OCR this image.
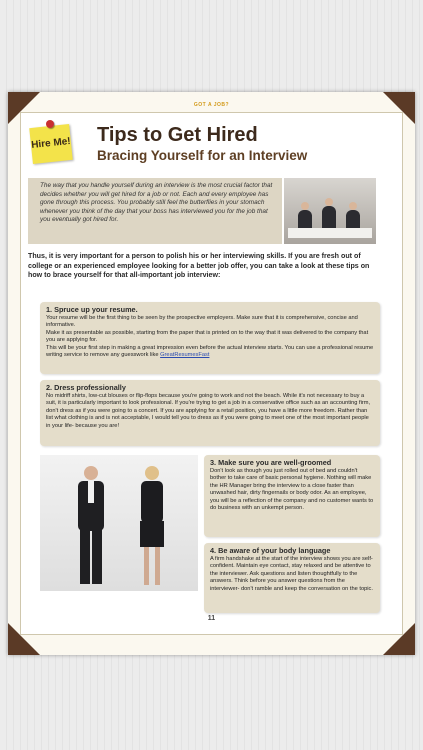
GOT A JOB?
Hire Me! Tips to Get Hired
Bracing Yourself for an Interview
The way that you handle yourself during an interview is the most crucial factor that decides whether you will get hired for a job or not. Each and every employee has gone through this process. You probably still feel the butterflies in your stomach whenever you think of the day that your boss has interviewed you for the job that you eventually got hired for.
Thus, it is very important for a person to polish his or her interviewing skills. If you are fresh out of college or an experienced employee looking for a better job offer, you can take a look at these tips on how to brace yourself for that all-important job interview:
1. Spruce up your resume.

Your resume will be the first thing to be seen by the prospective employers. Make sure that it is comprehensive, concise and informative.

Make it as presentable as possible, starting from the paper that is printed on to the way that it was delivered to the company that you are applying for.

This will be your first step in making a great impression even before the actual interview starts. You can use a professional resume writing service to remove any guesswork like GreatResumesFast

2. Dress professionally

No midriff shirts, low-cut blouses or flip-flops because you're going to work and not the beach. While it's not necessary to buy a suit, it is particularly important to look professional. If you're trying to get a job in a conservative office such as an accounting firm, don't dress as if you were going to a concert. If you are applying for a retail position, you have a little more freedom. Rather than list what clothing is and is not acceptable, I would tell you to dress as if you were going to meet one of the most important people in your life- because you are!

3. Make sure you are well-groomed

Don't look as though you just rolled out of bed and couldn't bother to take care of basic personal hygiene. Nothing will make the HR Manager bring the interview to a close faster than unwashed hair, dirty fingernails or body odor. As an employee, you will be a reflection of the company and no customer wants to do business with an unkempt person.

4. Be aware of your body language

A firm handshake at the start of the interview shows you are self-confident. Maintain eye contact, stay relaxed and be attentive to the interviewer. Ask questions and listen thoughtfully to the answers. Think before you answer questions from the interviewer- don't ramble and keep the conversation on the topic.

11
